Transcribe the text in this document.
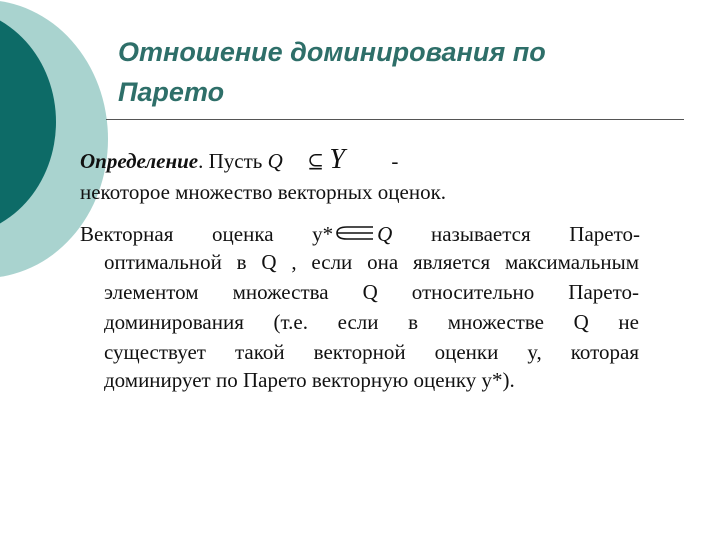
Отношение доминирования по
Парето
Определение. Пусть Q ⊆ Y -
некоторое множество векторных оценок.
Векторная оценка y* Q называется Парето-
оптимальной в Q , если она является максимальным
элементом множества Q относительно Парето-
доминирования (т.е. если в множестве Q не
существует такой векторной оценки y, которая
доминирует по Парето векторную оценку y*).
